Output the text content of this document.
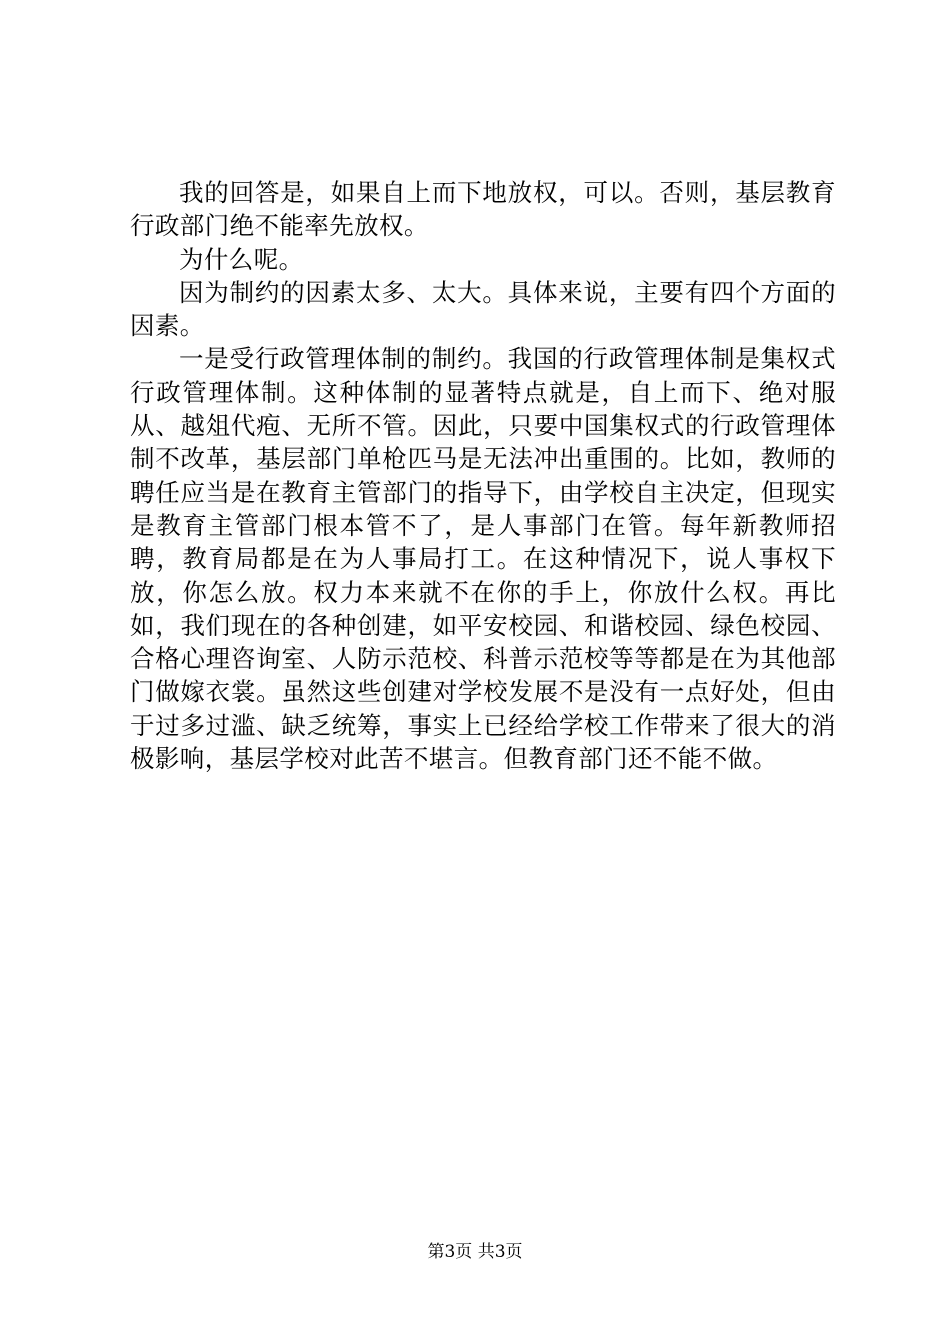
我的回答是，如果自上而下地放权，可以。否则，基层教育行政部门绝不能率先放权。

为什么呢。

因为制约的因素太多、太大。具体来说，主要有四个方面的因素。

一是受行政管理体制的制约。我国的行政管理体制是集权式行政管理体制。这种体制的显著特点就是，自上而下、绝对服从、越俎代疱、无所不管。因此，只要中国集权式的行政管理体制不改革，基层部门单枪匹马是无法冲出重围的。比如，教师的聘任应当是在教育主管部门的指导下，由学校自主决定，但现实是教育主管部门根本管不了，是人事部门在管。每年新教师招聘，教育局都是在为人事局打工。在这种情况下，说人事权下放，你怎么放。权力本来就不在你的手上，你放什么权。再比如，我们现在的各种创建，如平安校园、和谐校园、绿色校园、合格心理咨询室、人防示范校、科普示范校等等都是在为其他部门做嫁衣裳。虽然这些创建对学校发展不是没有一点好处，但由于过多过滥、缺乏统筹，事实上已经给学校工作带来了很大的消极影响，基层学校对此苦不堪言。但教育部门还不能不做。

第3页 共3页
